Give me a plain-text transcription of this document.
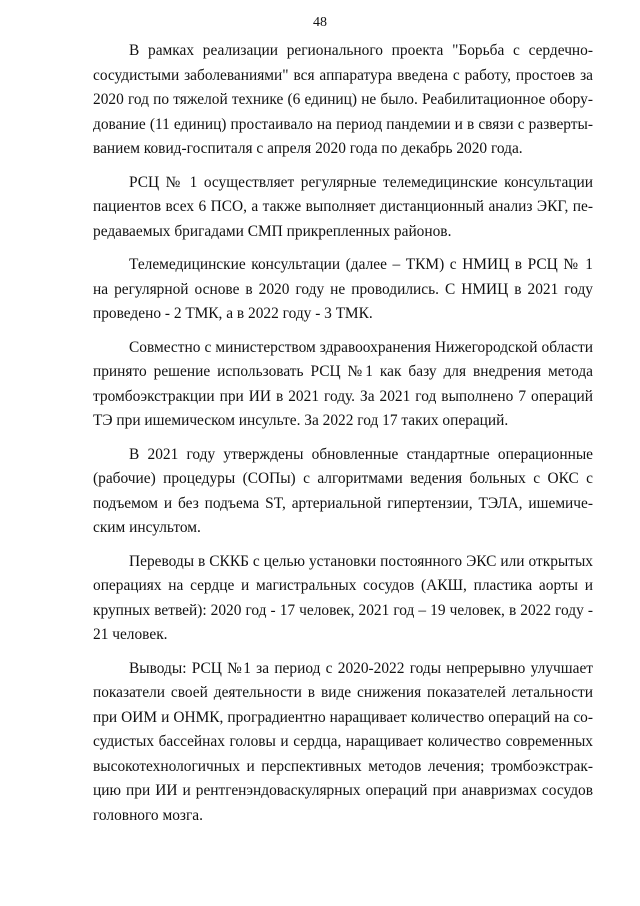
48
В рамках реализации регионального проекта "Борьба с сердечно-
сосудистыми заболеваниями" вся аппаратура введена с работу, простоев за
2020 год по тяжелой технике (6 единиц) не было. Реабилитационное обору-
дование (11 единиц) простаивало на период пандемии и в связи с разверты-
ванием ковид-госпиталя с апреля 2020 года по декабрь 2020 года.
РСЦ № 1 осуществляет регулярные телемедицинские консультации
пациентов всех 6 ПСО, а также выполняет дистанционный анализ ЭКГ, пе-
редаваемых бригадами СМП прикрепленных районов.
Телемедицинские консультации (далее – ТКМ) с НМИЦ в РСЦ № 1
на регулярной основе в 2020 году не проводились. С НМИЦ в 2021 году
проведено - 2 ТМК, а в 2022 году - 3 ТМК.
Совместно с министерством здравоохранения Нижегородской области
принято решение использовать РСЦ №1 как базу для внедрения метода
тромбоэкстракции при ИИ в 2021 году. За 2021 год выполнено 7 операций
ТЭ при ишемическом инсульте. За 2022 год 17 таких операций.
В 2021 году утверждены обновленные стандартные операционные
(рабочие) процедуры (СОПы) с алгоритмами ведения больных с ОКС с
подъемом и без подъема ST, артериальной гипертензии, ТЭЛА, ишемиче-
ским инсультом.
Переводы в СККБ с целью установки постоянного ЭКС или открытых
операциях на сердце и магистральных сосудов (АКШ, пластика аорты и
крупных ветвей): 2020 год - 17 человек, 2021 год – 19 человек, в 2022 году -
21 человек.
Выводы: РСЦ №1 за период с 2020-2022 годы непрерывно улучшает
показатели своей деятельности в виде снижения показателей летальности
при ОИМ и ОНМК, проградиентно наращивает количество операций на со-
судистых бассейнах головы и сердца, наращивает количество современных
высокотехнологичных и перспективных методов лечения; тромбоэкстрак-
цию при ИИ и рентгенэндоваскулярных операций при анавризмах сосудов
головного мозга.
